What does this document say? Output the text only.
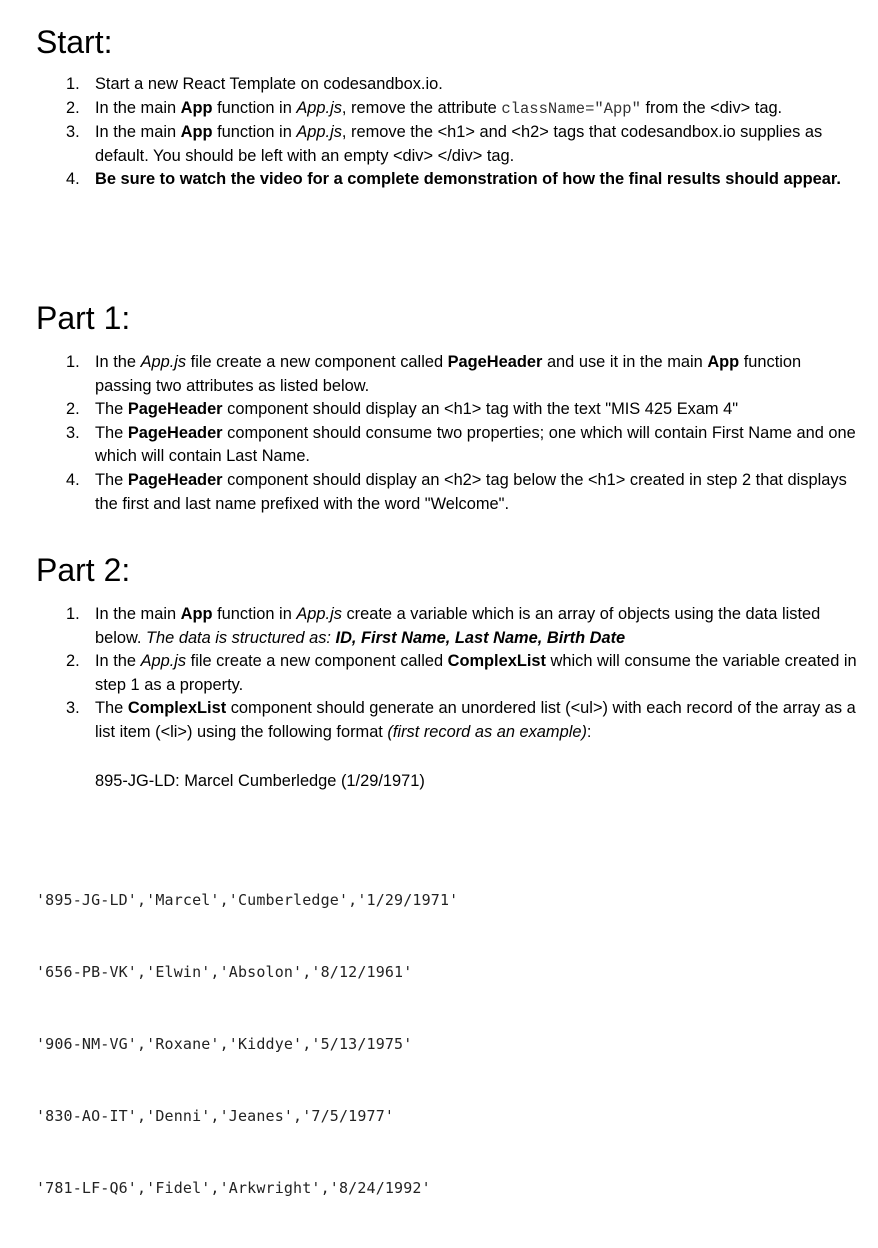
Start:
1. Start a new React Template on codesandbox.io.
2. In the main App function in App.js, remove the attribute className="App" from the <div> tag.
3. In the main App function in App.js, remove the <h1> and <h2> tags that codesandbox.io supplies as default. You should be left with an empty <div> </div> tag.
4. Be sure to watch the video for a complete demonstration of how the final results should appear.
Part 1:
1. In the App.js file create a new component called PageHeader and use it in the main App function passing two attributes as listed below.
2. The PageHeader component should display an <h1> tag with the text "MIS 425 Exam 4"
3. The PageHeader component should consume two properties; one which will contain First Name and one which will contain Last Name.
4. The PageHeader component should display an <h2> tag below the <h1> created in step 2 that displays the first and last name prefixed with the word "Welcome".
Part 2:
1. In the main App function in App.js create a variable which is an array of objects using the data listed below. The data is structured as: ID, First Name, Last Name, Birth Date
2. In the App.js file create a new component called ComplexList which will consume the variable created in step 1 as a property.
3. The ComplexList component should generate an unordered list (<ul>) with each record of the array as a list item (<li>) using the following format (first record as an example):
895-JG-LD: Marcel Cumberledge (1/29/1971)

'895-JG-LD','Marcel','Cumberledge','1/29/1971'

'656-PB-VK','Elwin','Absolon','8/12/1961'

'906-NM-VG','Roxane','Kiddye','5/13/1975'

'830-AO-IT','Denni','Jeanes','7/5/1977'

'781-LF-Q6','Fidel','Arkwright','8/24/1992'
